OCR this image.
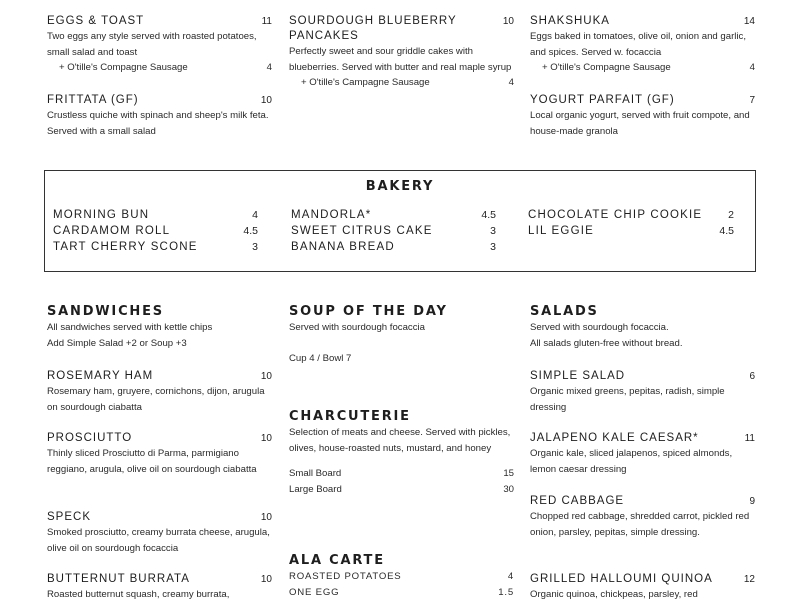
EGGS & TOAST	11
Two eggs any style served with roasted potatoes, small salad and toast
+ O'tille's Compagne Sausage	4
FRITTATA (GF)	10
Crustless quiche with spinach and sheep's milk feta. Served with a small salad
SOURDOUGH BLUEBERRY	10
PANCAKES
Perfectly sweet and sour griddle cakes with blueberries. Served with butter and real maple syrup
+ O'tille's Campagne Sausage	4
SHAKSHUKA	14
Eggs baked in tomatoes, olive oil, onion and garlic, and spices. Served w. focaccia
+ O'tille's Compagne Sausage	4
YOGURT PARFAIT (GF)	7
Local organic yogurt, served with fruit compote, and house-made granola
BAKERY
MORNING BUN	4
CARDAMOM ROLL	4.5
TART CHERRY SCONE	3
MANDORLA*	4.5
SWEET CITRUS CAKE	3
BANANA BREAD	3
CHOCOLATE CHIP COOKIE 2
LIL EGGIE	4.5
SANDWICHES
All sandwiches served with kettle chips
Add Simple Salad +2 or Soup +3
ROSEMARY HAM	10
Rosemary ham, gruyere, cornichons, dijon, arugula on sourdough ciabatta
PROSCIUTTO	10
Thinly sliced Prosciutto di Parma, parmigiano reggiano, arugula, olive oil on sourdough ciabatta
SPECK	10
Smoked prosciutto, creamy burrata cheese, arugula, olive oil on sourdough focaccia
BUTTERNUT BURRATA	10
Roasted butternut squash, creamy burrata,
SOUP OF THE DAY
Served with sourdough focaccia
Cup 4 / Bowl 7
CHARCUTERIE
Selection of meats and cheese. Served with pickles, olives, house-roasted nuts, mustard, and honey
Small Board	15
Large Board	30
ALA CARTE
ROASTED POTATOES	4
ONE EGG	1.5
SALADS
Served with sourdough focaccia.
All salads gluten-free without bread.
SIMPLE SALAD	6
Organic mixed greens, pepitas, radish, simple dressing
JALAPENO KALE CAESAR*	11
Organic kale, sliced jalapenos, spiced almonds, lemon caesar dressing
RED CABBAGE	9
Chopped red cabbage, shredded carrot, pickled red onion, parsley, pepitas, simple dressing.
GRILLED HALLOUMI QUINOA	12
Organic quinoa, chickpeas, parsley, red
